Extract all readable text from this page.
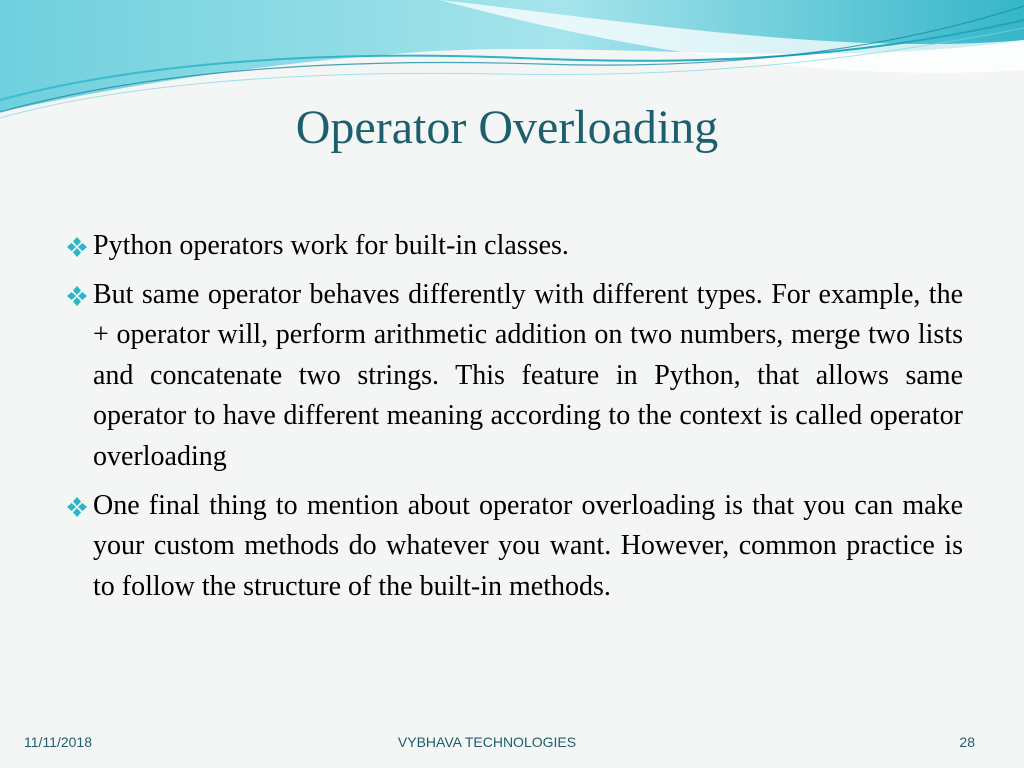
Operator Overloading
Python operators work for built-in classes.
But same operator behaves differently with different types. For example, the + operator will, perform arithmetic addition on two numbers, merge two lists and concatenate two strings. This feature in Python, that allows same operator to have different meaning according to the context is called operator overloading
One final thing to mention about operator overloading is that you can make your custom methods do whatever you want. However, common practice is to follow the structure of the built-in methods.
11/11/2018	VYBHAVA TECHNOLOGIES	28
